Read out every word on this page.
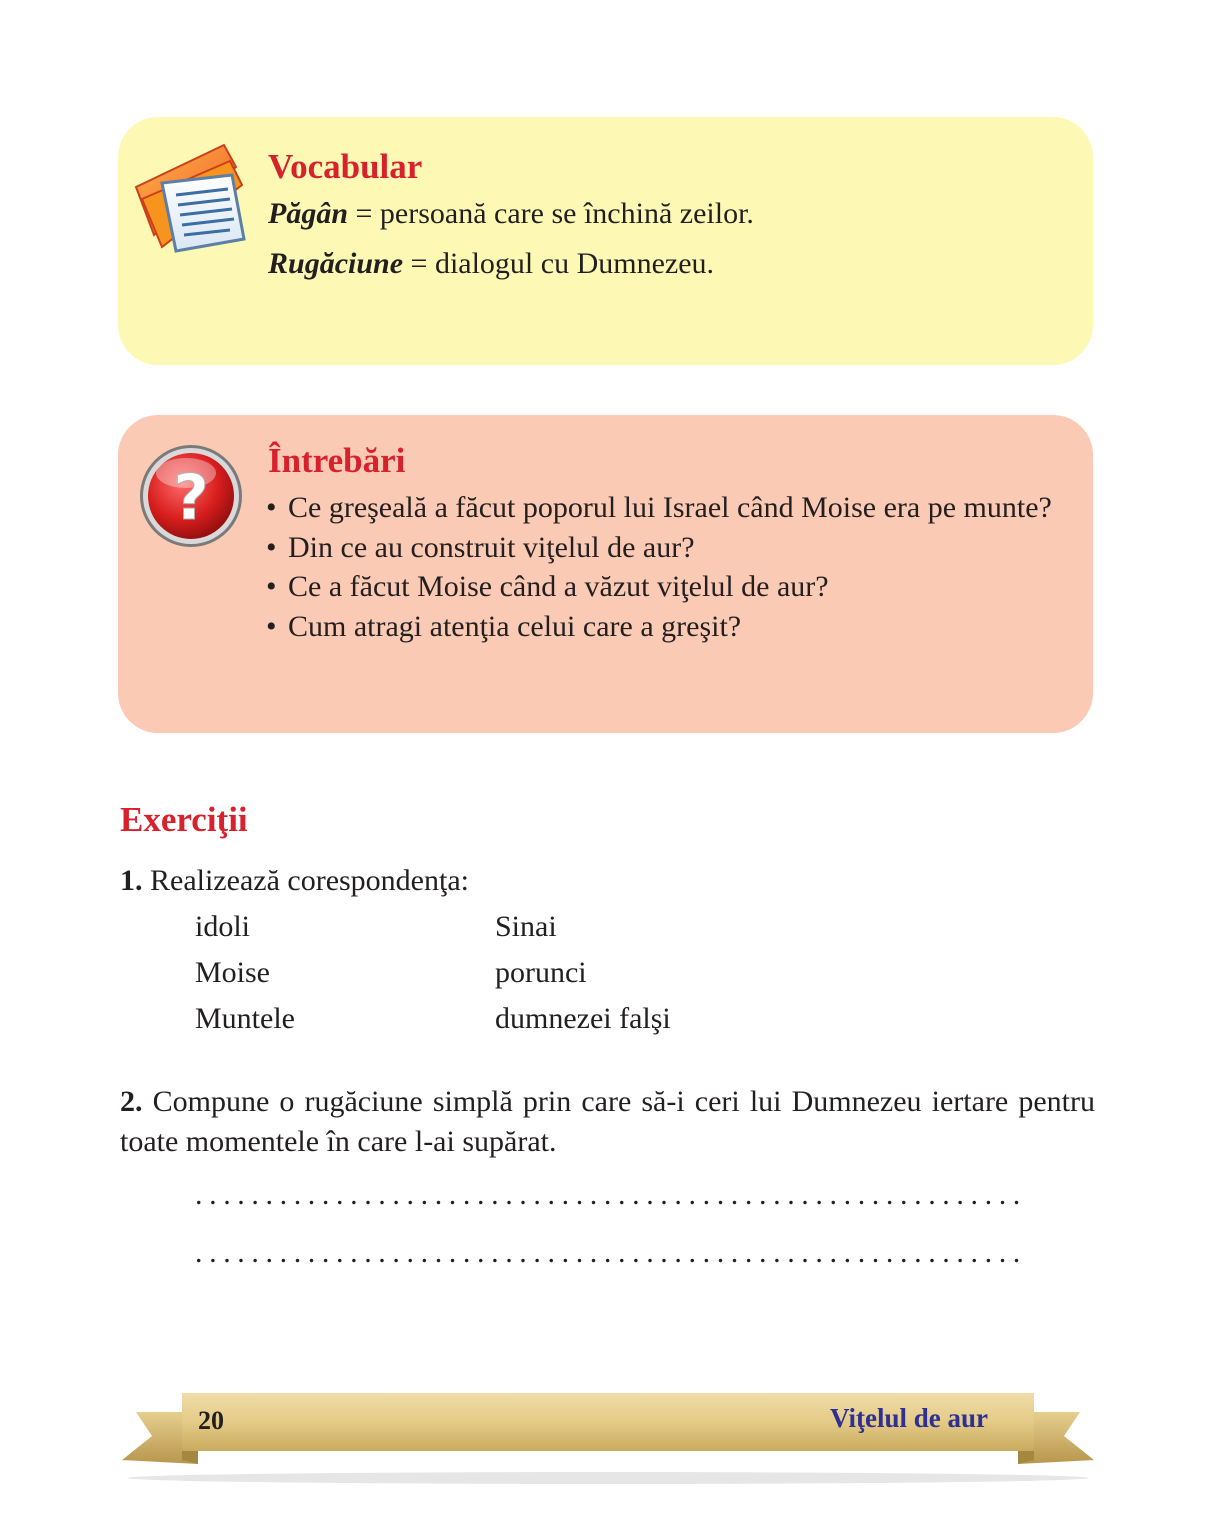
Vocabular
Păgân = persoană care se închină zeilor.
Rugăciune = dialogul cu Dumnezeu.
?
Întrebări
• Ce greşeală a făcut poporul lui Israel când Moise era pe munte?
• Din ce au construit viţelul de aur?
• Ce a făcut Moise când a văzut viţelul de aur?
• Cum atragi atenţia celui care a greşit?
Exerciţii
1. Realizează corespondenţa:
idoli
Moise
Muntele
Sinai
porunci
dumnezei falşi
2. Compune o rugăciune simplă prin care să-i ceri lui Dumnezeu iertare pentru toate momentele în care l-ai supărat.
...........................................................
...........................................................
20	Viţelul de aur
